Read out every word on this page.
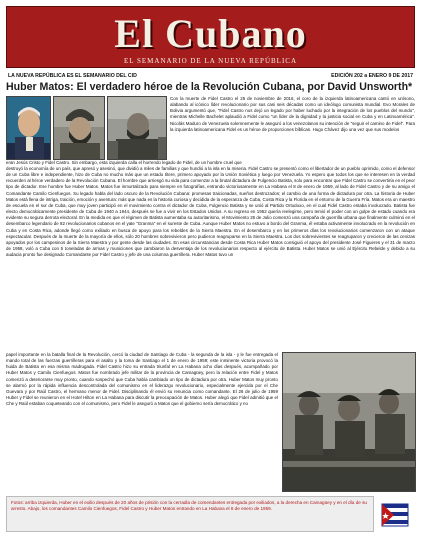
El Cubano
EL SEMANARIO DE LA NUEVA REPÚBLICA
LA NUEVA REPÚBLICA ES EL SEMANARIO DEL CID	EDICIÓN 202 a ENERO 9 DE 2017
Huber Matos: El verdadero héroe de la Revolución Cubana, por David Unsworth*

Con la muerte de Fidel Castro el 25 de noviembre de 2016, el coro de la izquierda latinoamericana cantó en unísono, alabando al icónico líder revolucionario por sus casi seis décadas como un ideólogo comunista mundial. Evo Morales de Bolivia argumentó que, "Fidel Castro nos dejó un legado por haber luchado por la integración de los pueblos del mundo", mientras Michelle Bachelet aplaudió a Fidel como "un líder de la dignidad y la justicia social en Cuba y en Latinoamérica". Nicolás Maduro de Venezuela solemnemente le aseguró a los venezolanos su intención de "seguir el camino de Fidel". Para la izquierda latinoamericana Fidel es un héroe de proporciones bíblicas. Hugo Chávez dijo una vez que sus modelos

eran Jesús Cristo y Fidel Castro. Sin embargo, esta izquierda calla el horrendo legado de Fidel, de un hombre cruel que

destruyó la economía de un país, que apresó y asesinó, que dividió a miles de familias y que hundió a la isla en la miseria. Fidel Castro se presentó como el libertador de un pueblo oprimido, como el defensor de un Cuba libre e independiente, hizo de Cuba no mucho más que un estado títere, primero apoyado por la Unión Soviética y luego por Venezuela. Yo espero que todos los que se interesen en la verdad recuerden al héroe verdadero de la Revolución Cubana. El hombre que arriesgó su vida para comenzar a la brutal dictadura de Fulgencio Batista, solo para encontrar que Fidel Castro se convertiría en el peor tipo de dictador. Ese hombre fue Huber Matos. Matos fue inmortalizado para siempre en fotografías, entrando victoriosamente en La Habana el 8 de enero de 1959, al lado de Fidel Castro y de su amigo el Comandante Camilo Cienfuegos. Su legado habla del lado oscuro de la Revolución Cubana: promesas traicionadas, sueños destrozados; el cambio de una forma de dictadura por otra. La historia de Huber Matos está llena de intriga, traición, emoción y aventura: más que nada es la historia curiosa y decidida de la esperanza de Cuba, Costa Rica y la Florida en el entorno de la Guerra Fría. Matos era un maestro de escuela en el sur de Cuba, que muy joven participó en el movimiento contra el dictador de Cuba, Fulgencio Batista y se unió al Partido Ortodoxo, en el cual Fidel Castro estaba involucrado. Batista fue electo democráticamente presidente de Cuba de 1940 a 1944, después se fue a vivir en los Estados Unidos. A su regreso en 1952 quería reelegirse, pero temió el poder con un golpe de estado cuando era evidente su segura derrota electoral. En la medida en que el régimen de Batista aumentaba su autoritarismo, el Movimiento 26 de Julio comenzó una campaña de guerrilla urbana que finalmente culminó en el desembarco legendario de 82 revolucionarios cubanos en el yate "Granma" en el sureste de Cuba. Aunque Huber Matos no estuvo a bordo del Granma, él estaba activamente involucrado en la revolución en Cuba y en Costa Rica, adonde llegó como exiliado en busca de apoyo para los rebeldes de la Sierra Maestra. En el desembarco y en los primeros días los revolucionarios comenzaron con un ataque espectacular. Después de la muerte de la mayoría de ellos, sólo 20 hombres sobrevivieron pero pudieron reagruparse en la Sierra Maestra. Los dos sobrevivientes se reagruparon y crecieron de las cenizas apoyados por los campesinos de la Sierra Maestra y por gente desde las ciudades. En esas circunstancias desde Costa Rica Huber Matos consiguió el apoyo del presidente José Figueres y el 31 de marzo de 1958, voló a Cuba con 5 toneladas de armas y municiones que cambiaron la desventaja de los revolucionarios respecto al ejército de Batista. Huber Matos se unió al Ejército Rebelde y debido a su audacia pronto fue designado Comandante por Fidel Castro y jefe de una columna guerrillera. Huber Matos tuvo un

papel importante en la batalla final de la Revolución, cercó la ciudad de Santiago de Cuba - la segunda de la isla - y le fue entregada el mando total de las fuerzas guerrilleras para el asalto y la toma de Santiago el 1 de enero de 1959; este inminente victoria provocó la huida de Batista en esa misma madrugada. Fidel Castro hizo su entrada triunfal en La Habana ocho días después, acompañado por Huber Matos y Camilo Cienfuegos. Matos fue nombrado jefe militar de la provincia de Camagüey, pero la relación entre Fidel y Matos comenzó a deteriorarse muy pronto, cuando sospechó que Cuba había cambiado un tipo de dictadura por otra. Huber Matos muy pronto se alarmó por la rápida influencia descontrolada del comunismo en el liderazgo revolucionario, especialmente ejercida por el Che Guevara y por Raúl Castro, el hermano menor de Fidel. Disciplinando él envió su renuncia como comandante. El 26 de julio de 1959 Huber y Fidel se reunieron en el Hotel Hilton en La Habana para discutir la preocupación de Matos. Huber alegó que Fidel admitió que el Che y Raúl estaban coqueteando con el comunismo, pero Fidel le aseguró a Matos que el gobierno sería democrático y no

Fotos: arriba izquierda, Huber en el exilio después de 20 años de prisión con la cerradla de comendantes entregada por exiliados, a la derecha en Camagüey y en el día de su arresto. Abajo, los comandantes Camilo Cienfuegos, Fidel Castro y Huber Matos entrando en La Habana el 8 de enero de 1959.
